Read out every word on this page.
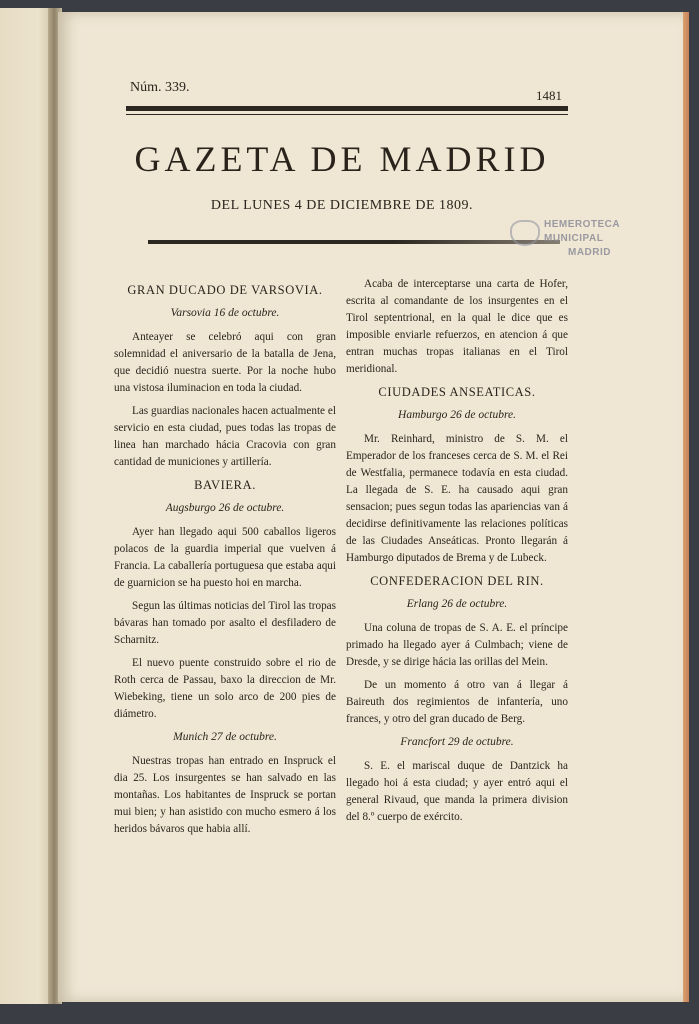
Núm. 339.
1481
GAZETA DE MADRID
DEL LUNES 4 DE DICIEMBRE DE 1809.
HEMEROTECA
MUNICIPAL
MADRID
GRAN DUCADO DE VARSOVIA.
Varsovia 16 de octubre.

Anteayer se celebró aqui con gran solemnidad el aniversario de la batalla de Jena, que decidió nuestra suerte. Por la noche hubo una vistosa iluminacion en toda la ciudad.

Las guardias nacionales hacen actualmente el servicio en esta ciudad, pues todas las tropas de linea han marchado hácia Cracovia con gran cantidad de municiones y artillería.

BAVIERA.
Augsburgo 26 de octubre.

Ayer han llegado aqui 500 caballos ligeros polacos de la guardia imperial que vuelven á Francia. La caballería portuguesa que estaba aqui de guarnicion se ha puesto hoi en marcha.

Segun las últimas noticias del Tirol las tropas bávaras han tomado por asalto el desfiladero de Scharnitz.

El nuevo puente construido sobre el rio de Roth cerca de Passau, baxo la direccion de Mr. Wiebeking, tiene un solo arco de 200 pies de diámetro.

Munich 27 de octubre.

Nuestras tropas han entrado en Inspruck el dia 25. Los insurgentes se han salvado en las montañas. Los habitantes de Inspruck se portan mui bien; y han asistido con mucho esmero á los heridos bávaros que habia allí.

Acaba de interceptarse una carta de Hofer, escrita al comandante de los insurgentes en el Tirol septentrional, en la qual le dice que es imposible enviarle refuerzos, en atencion á que entran muchas tropas italianas en el Tirol meridional.

CIUDADES ANSEATICAS.
Hamburgo 26 de octubre.

Mr. Reinhard, ministro de S. M. el Emperador de los franceses cerca de S. M. el Rei de Westfalia, permanece todavía en esta ciudad. La llegada de S. E. ha causado aqui gran sensacion; pues segun todas las apariencias van á decidirse definitivamente las relaciones políticas de las Ciudades Anseáticas. Pronto llegarán á Hamburgo diputados de Brema y de Lubeck.

CONFEDERACION DEL RIN.
Erlang 26 de octubre.

Una coluna de tropas de S. A. E. el príncipe primado ha llegado ayer á Culmbach; viene de Dresde, y se dirige hácia las orillas del Mein.

De un momento á otro van á llegar á Baireuth dos regimientos de infantería, uno frances, y otro del gran ducado de Berg.

Francfort 29 de octubre.

S. E. el mariscal duque de Dantzick ha llegado hoi á esta ciudad; y ayer entró aqui el general Rivaud, que manda la primera division del 8.º cuerpo de exército.
